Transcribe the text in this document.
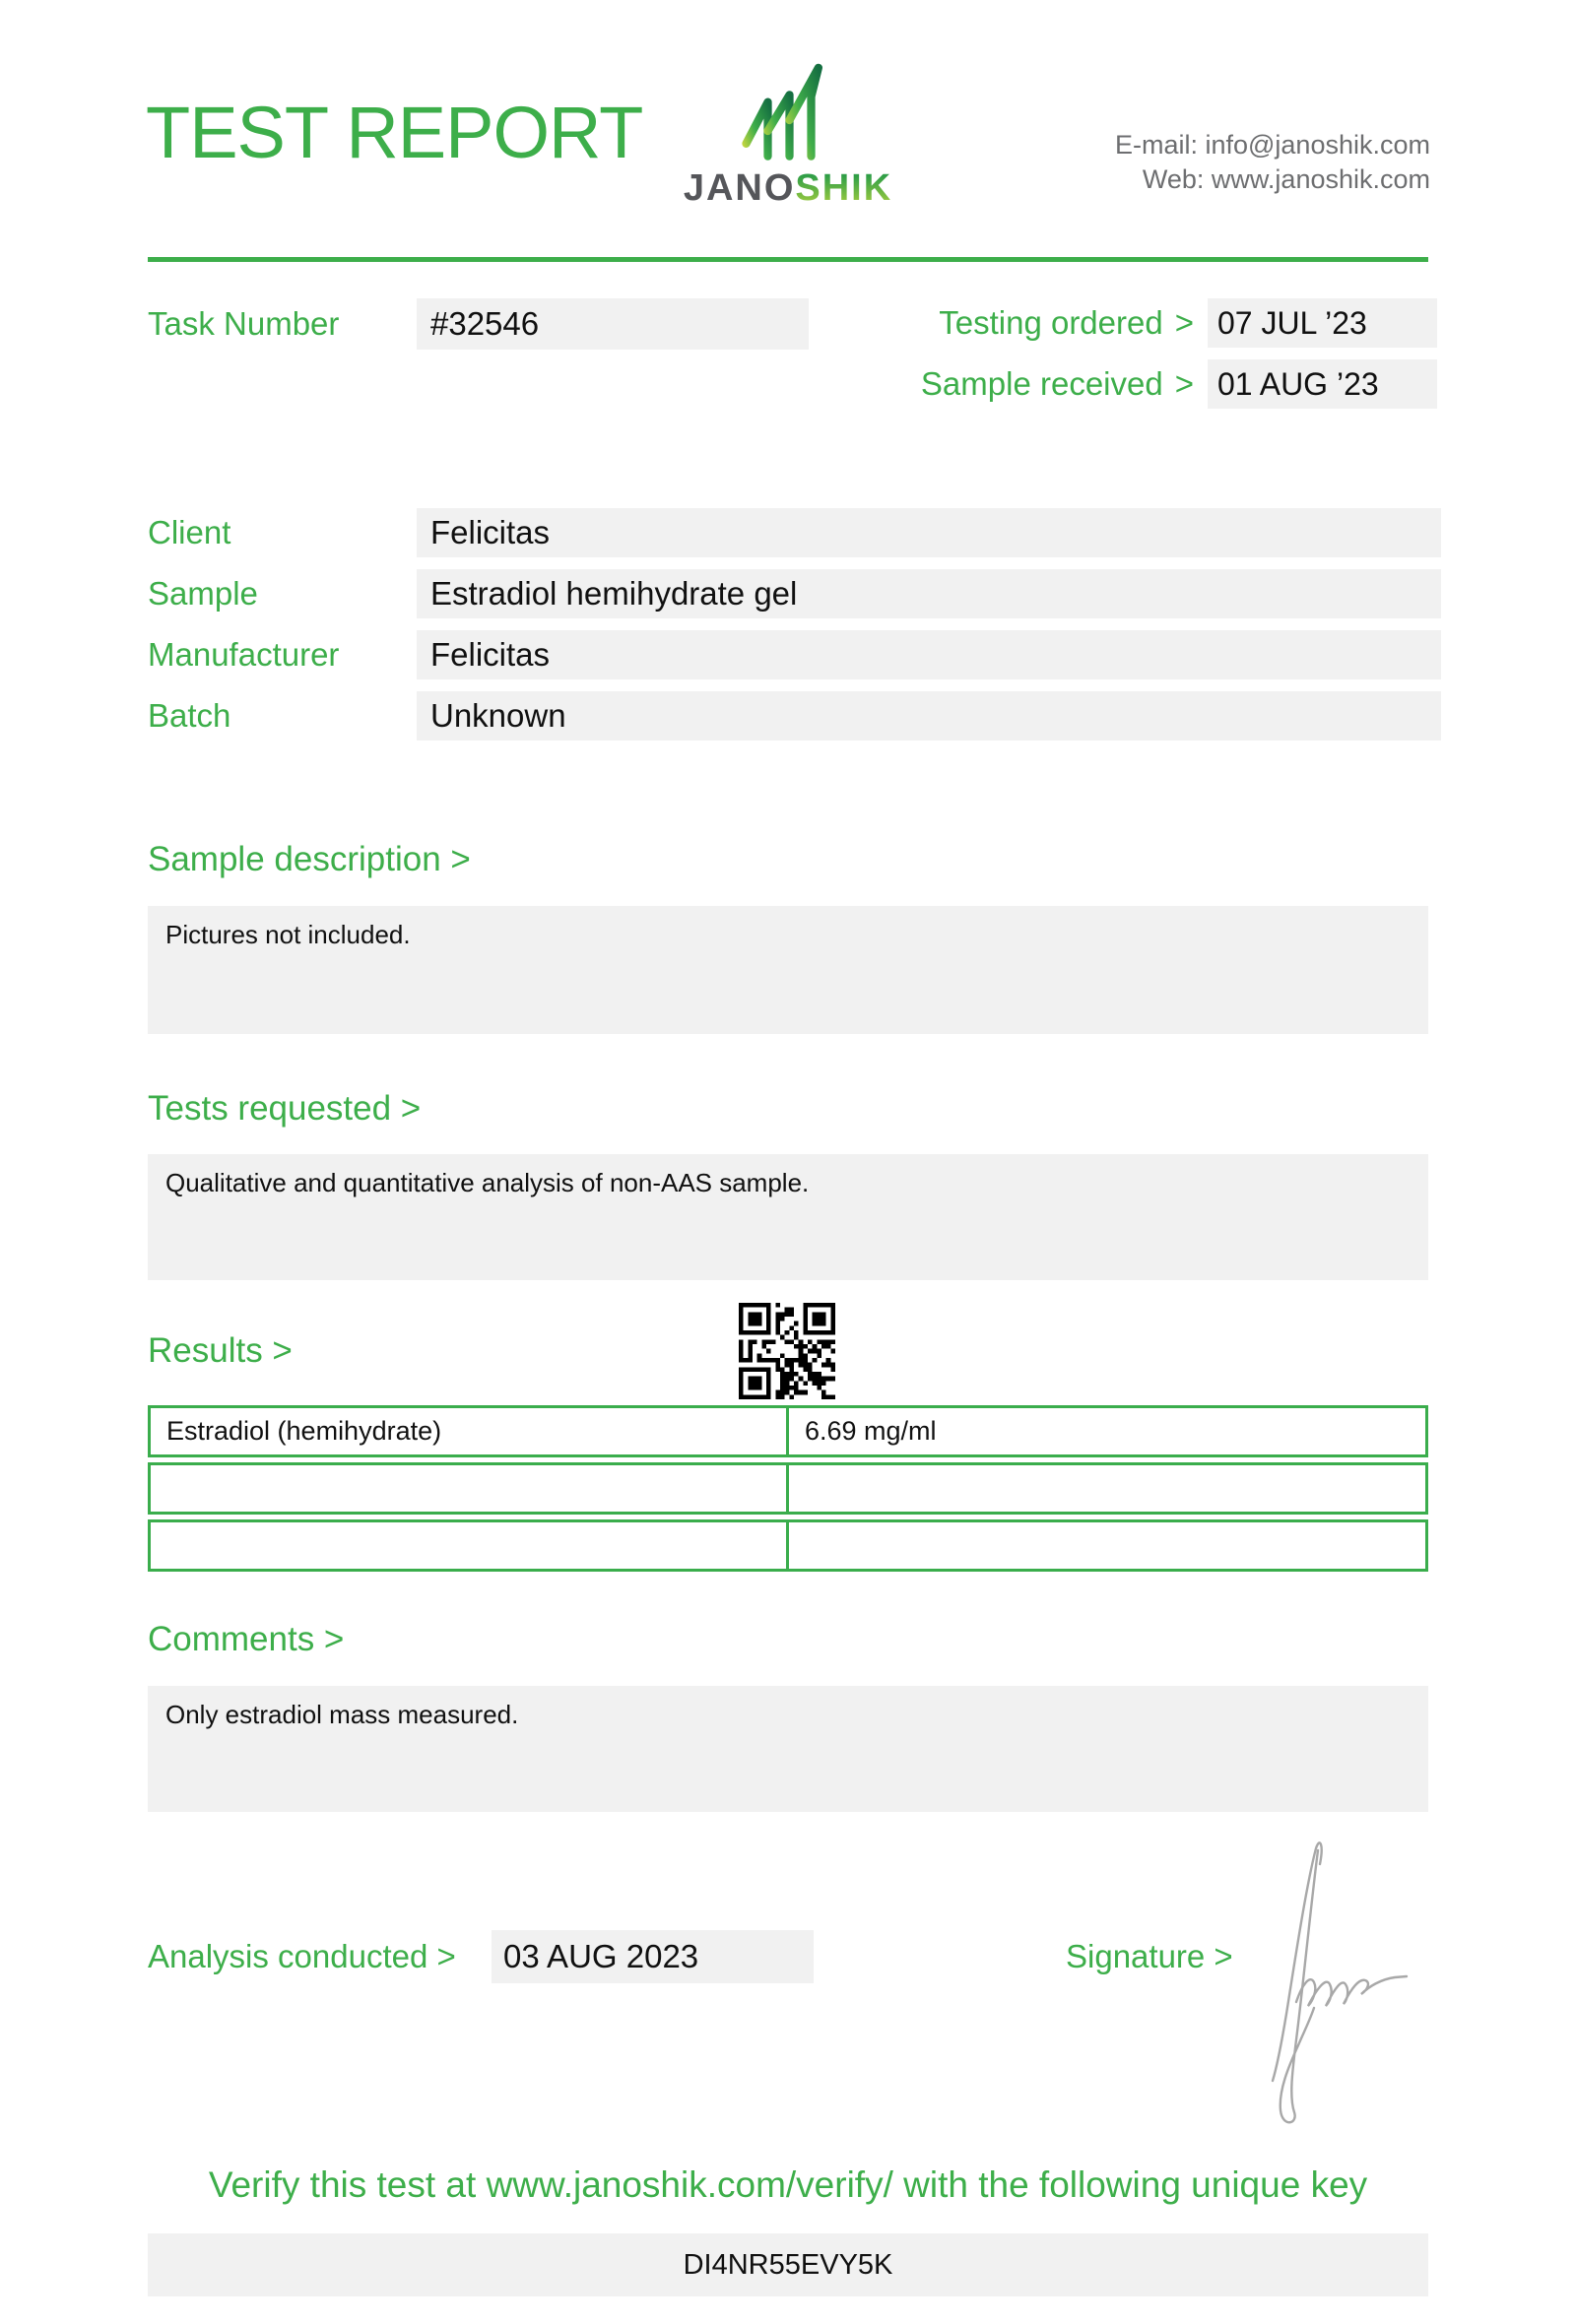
TEST REPORT
JANOSHIK
E-mail: info@janoshik.com
Web: www.janoshik.com
Task Number	#32546	Testing ordered > 07 JUL ’23
Sample received > 01 AUG ’23
Client	Felicitas
Sample	Estradiol hemihydrate gel
Manufacturer	Felicitas
Batch	Unknown
Sample description >
Pictures not included.
Tests requested >
Qualitative and quantitative analysis of non-AAS sample.
Results >
Estradiol (hemihydrate)	6.69 mg/ml
Comments >
Only estradiol mass measured.
Analysis conducted >	03 AUG 2023	Signature >
Verify this test at www.janoshik.com/verify/ with the following unique key
DI4NR55EVY5K
